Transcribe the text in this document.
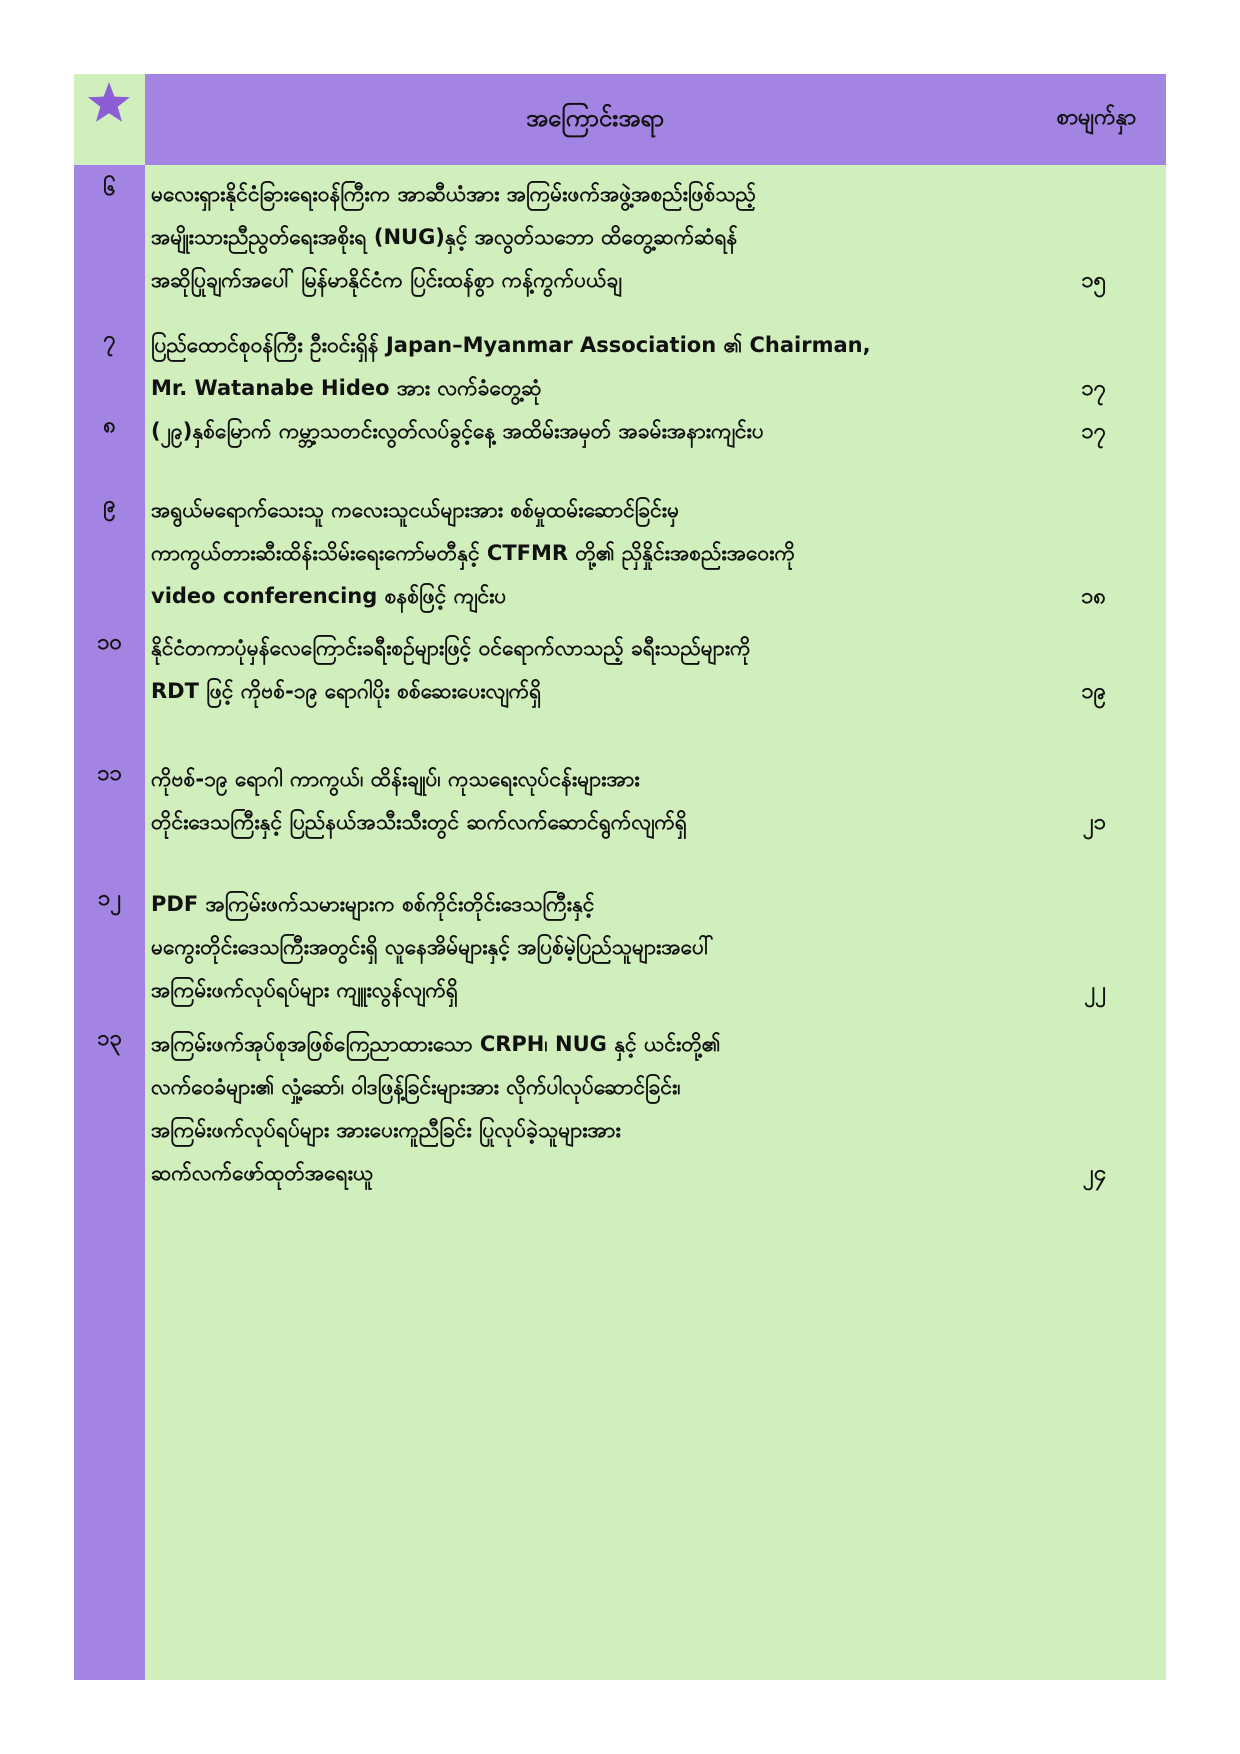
အကြောင်းအရာ	စာမျက်နှာ
၆	မလေးရှားနိုင်ငံခြားရေးဝန်ကြီးက အာဆီယံအား အကြမ်းဖက်အဖွဲ့အစည်းဖြစ်သည့်
အမျိုးသားညီညွတ်ရေးအစိုးရ (NUG)နှင့် အလွတ်သဘော ထိတွေ့ဆက်ဆံရန်
အဆိုပြုချက်အပေါ် မြန်မာနိုင်ငံက ပြင်းထန်စွာ ကန့်ကွက်ပယ်ချ	၁၅
၇	ပြည်ထောင်စုဝန်ကြီး ဦးဝင်းရှိန် Japan–Myanmar Association ၏ Chairman,
Mr. Watanabe Hideo အား လက်ခံတွေ့ဆုံ	၁၇
၈	(၂၉)နှစ်မြောက် ကမ္ဘာ့သတင်းလွတ်လပ်ခွင့်နေ့ အထိမ်းအမှတ် အခမ်းအနားကျင်းပ	၁၇
၉	အရွယ်မရောက်သေးသူ ကလေးသူငယ်များအား စစ်မှုထမ်းဆောင်ခြင်းမှ
ကာကွယ်တားဆီးထိန်းသိမ်းရေးကော်မတီနှင့် CTFMR တို့၏ ညှိနှိုင်းအစည်းအဝေးကို
video conferencing စနစ်ဖြင့် ကျင်းပ	၁၈
၁၀	နိုင်ငံတကာပုံမှန်လေကြောင်းခရီးစဉ်များဖြင့် ဝင်ရောက်လာသည့် ခရီးသည်များကို
RDT ဖြင့် ကိုဗစ်-၁၉ ရောဂါပိုး စစ်ဆေးပေးလျက်ရှိ	၁၉
၁၁	ကိုဗစ်-၁၉ ရောဂါ ကာကွယ်၊ ထိန်းချုပ်၊ ကုသရေးလုပ်ငန်းများအား
တိုင်းဒေသကြီးနှင့် ပြည်နယ်အသီးသီးတွင် ဆက်လက်ဆောင်ရွက်လျက်ရှိ	၂၁
၁၂	PDF အကြမ်းဖက်သမားများက စစ်ကိုင်းတိုင်းဒေသကြီးနှင့်
မကွေးတိုင်းဒေသကြီးအတွင်းရှိ လူနေအိမ်များနှင့် အပြစ်မဲ့ပြည်သူများအပေါ်
အကြမ်းဖက်လုပ်ရပ်များ ကျူးလွန်လျက်ရှိ	၂၂
၁၃	အကြမ်းဖက်အုပ်စုအဖြစ်ကြေညာထားသော CRPH၊ NUG နှင့် ယင်းတို့၏
လက်ဝေခံများ၏ လှုံ့ဆော်၊ ဝါဒဖြန့်ခြင်းများအား လိုက်ပါလုပ်ဆောင်ခြင်း၊
အကြမ်းဖက်လုပ်ရပ်များ အားပေးကူညီခြင်း ပြုလုပ်ခဲ့သူများအား
ဆက်လက်ဖော်ထုတ်အရေးယူ	၂၄
